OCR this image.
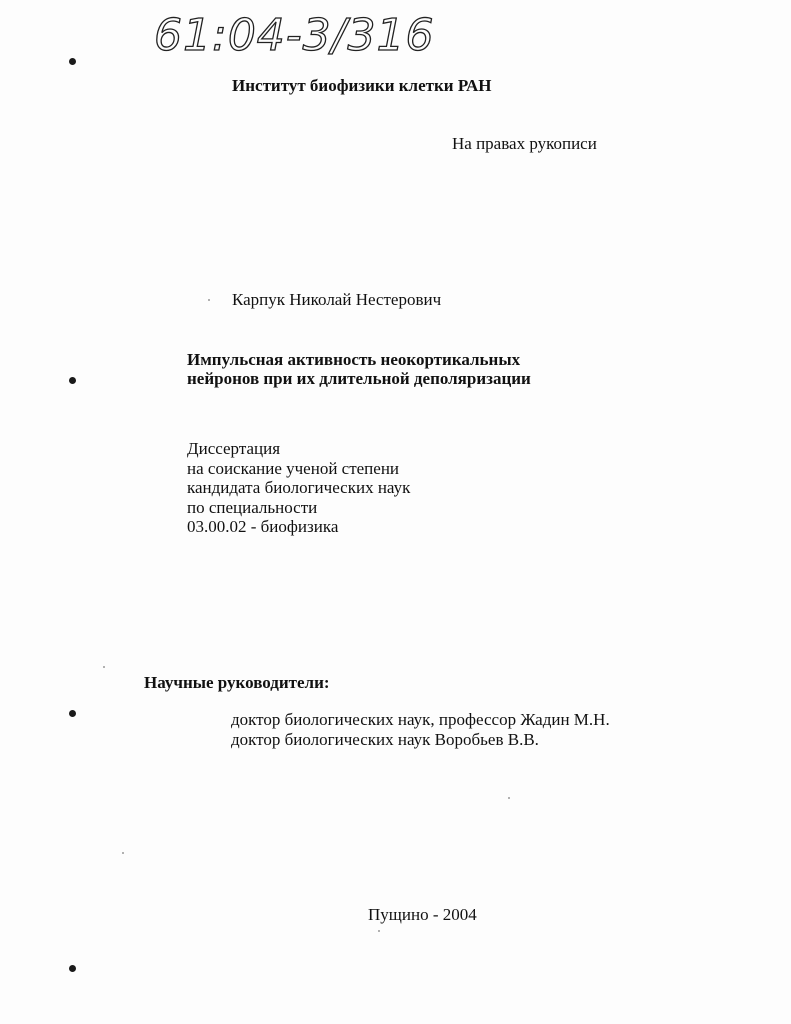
61:04-3/316
Институт биофизики клетки РАН
На правах рукописи
Карпук Николай Нестерович
Импульсная активность неокортикальных
нейронов при их длительной деполяризации
Диссертация
на соискание ученой степени
кандидата биологических наук
по специальности
03.00.02 - биофизика
Научные руководители:
доктор биологических наук, профессор Жадин М.Н.
доктор биологических наук Воробьев В.В.
Пущино - 2004
